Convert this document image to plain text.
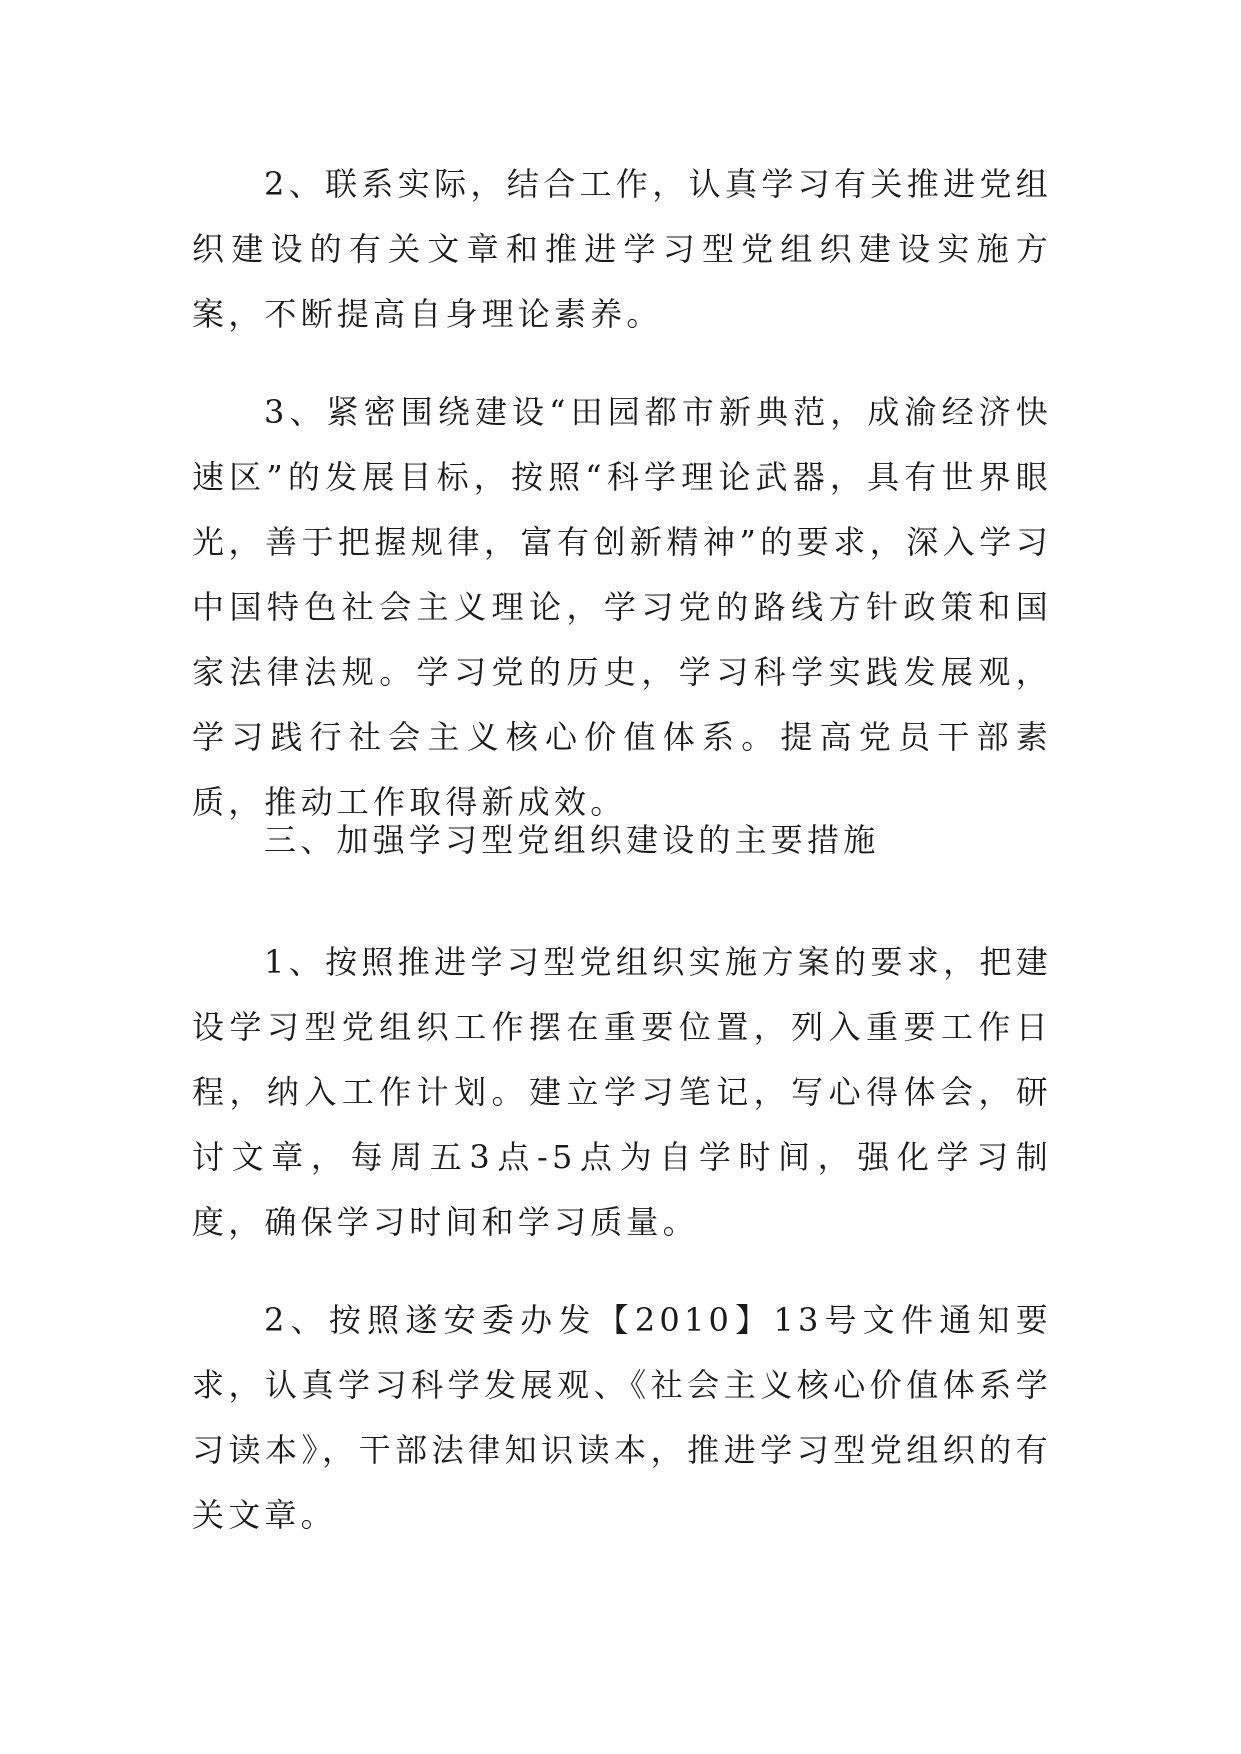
2、联系实际，结合工作，认真学习有关推进党组织建设的有关文章和推进学习型党组织建设实施方案，不断提高自身理论素养。

3、紧密围绕建设“田园都市新典范，成渝经济快速区”的发展目标，按照“科学理论武器，具有世界眼光，善于把握规律，富有创新精神”的要求，深入学习中国特色社会主义理论，学习党的路线方针政策和国家法律法规。学习党的历史，学习科学实践发展观，学习践行社会主义核心价值体系。提高党员干部素质，推动工作取得新成效。

三、加强学习型党组织建设的主要措施

1、按照推进学习型党组织实施方案的要求，把建设学习型党组织工作摆在重要位置，列入重要工作日程，纳入工作计划。建立学习笔记，写心得体会，研讨文章，每周五3点-5点为自学时间，强化学习制度，确保学习时间和学习质量。

2、按照遂安委办发【2010】13号文件通知要求，认真学习科学发展观、《社会主义核心价值体系学习读本》，干部法律知识读本，推进学习型党组织的有关文章。
